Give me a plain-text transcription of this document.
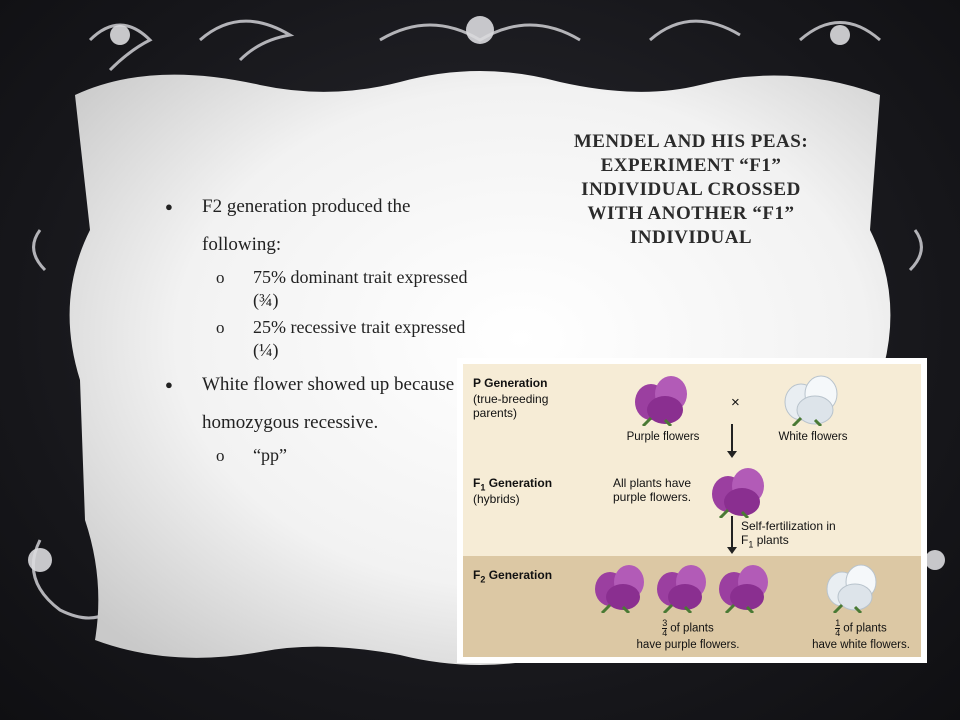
MENDEL AND HIS PEAS: EXPERIMENT “F1” INDIVIDUAL CROSSED WITH ANOTHER “F1” INDIVIDUAL
● F2 generation produced the following:
o 75% dominant trait expressed (¾)
o 25% recessive trait expressed (¼)
● White flower showed up because homozygous recessive.
o “pp”
P Generation
(true-breeding parents)
×
Purple flowers	White flowers
$F_1$ Generation
(hybrids)
All plants have purple flowers.
Self-fertilization in
$F_1$ plants
$F_2$ Generation
$\frac{3}{4}$ of plants
have purple flowers.
$\frac{1}{4}$ of plants
have white flowers.
